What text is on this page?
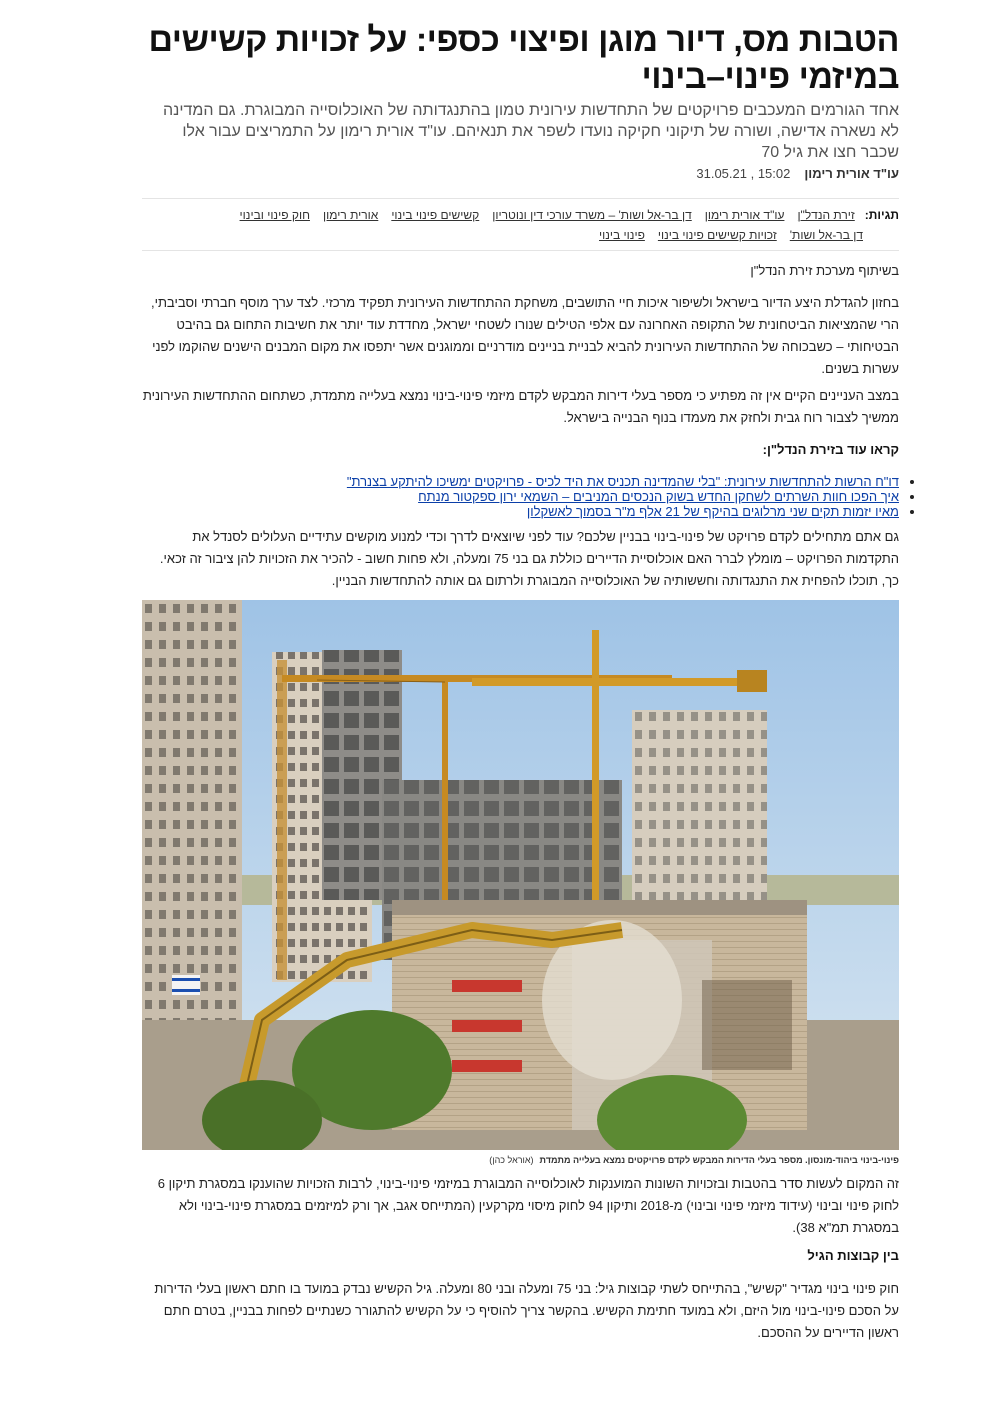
הטבות מס, דיור מוגן ופיצוי כספי: על זכויות קשישים במיזמי פינוי–בינוי

אחד הגורמים המעכבים פרויקטים של התחדשות עירונית טמון בהתנגדותה של האוכלוסייה המבוגרת. גם המדינה לא נשארה אדישה, ושורה של תיקוני חקיקה נועדו לשפר את תנאיהם. עו"ד אורית רימון על התמריצים עבור אלו שכבר חצו את גיל 70

עו"ד אורית רימון15:02 , 31.05.21
תגיות:זירת הנדל"ןעו"ד אורית רימוןדן בר-אל ושות' – משרד עורכי דין ונוטריוןקשישים פינוי בינויאורית רימוןחוק פינוי ובינוי
דן בר-אל ושות'זכויות קשישים פינוי בינויפינוי בינוי

בשיתוף מערכת זירת הנדל"ן

בחזון להגדלת היצע הדיור בישראל ולשיפור איכות חיי התושבים, משחקת ההתחדשות העירונית תפקיד מרכזי. לצד ערך מוסף חברתי וסביבתי, הרי שהמציאות הביטחונית של התקופה האחרונה עם אלפי הטילים שנורו לשטחי ישראל, מחדדת עוד יותר את חשיבות התחום גם בהיבט הבטיחותי – כשבכוחה של ההתחדשות העירונית להביא לבניית בניינים מודרניים וממוגנים אשר יתפסו את מקום המבנים הישנים שהוקמו לפני עשרות בשנים.

במצב העניינים הקיים אין זה מפתיע כי מספר בעלי דירות המבקש לקדם מיזמי פינוי-בינוי נמצא בעלייה מתמדת, כשתחום ההתחדשות העירונית ממשיך לצבור רוח גבית ולחזק את מעמדו בנוף הבנייה בישראל.

קראו עוד בזירת הנדל"ן:

• דו"ח הרשות להתחדשות עירונית: "בלי שהמדינה תכניס את היד לכיס - פרויקטים ימשיכו להיתקע בצנרת"
• איך הפכו חוות השרתים לשחקן החדש בשוק הנכסים המניבים – השמאי ירון ספקטור מנתח
• מאיו יזמות תקים שני מרלוגים בהיקף של 21 אלף מ"ר בסמוך לאשקלון

גם אתם מתחילים לקדם פרויקט של פינוי-בינוי בבניין שלכם? עוד לפני שיוצאים לדרך וכדי למנוע מוקשים עתידיים העלולים לסנדל את התקדמות הפרויקט – מומלץ לברר האם אוכלוסיית הדיירים כוללת גם בני 75 ומעלה, ולא פחות חשוב - להכיר את הזכויות להן ציבור זה זכאי. כך, תוכלו להפחית את התנגדותה וחששותיה של האוכלוסייה המבוגרת ולרתום גם אותה להתחדשות הבניין.

פינוי-בינוי ביהוד-מונסון. מספר בעלי הדירות המבקש לקדם פרויקטים נמצא בעלייה מתמדת(אוראל כהן)

זה המקום לעשות סדר בהטבות ובזכויות השונות המוענקות לאוכלוסייה המבוגרת במיזמי פינוי-בינוי, לרבות הזכויות שהוענקו במסגרת תיקון 6 לחוק פינוי ובינוי (עידוד מיזמי פינוי ובינוי) מ-2018 ותיקון 94 לחוק מיסוי מקרקעין (המתייחס אגב, אך ורק למיזמים במסגרת פינוי-בינוי ולא במסגרת תמ"א 38).

בין קבוצות הגיל

חוק פינוי בינוי מגדיר "קשיש", בהתייחס לשתי קבוצות גיל: בני 75 ומעלה ובני 80 ומעלה. גיל הקשיש נבדק במועד בו חתם ראשון בעלי הדירות על הסכם פינוי-בינוי מול היזם, ולא במועד חתימת הקשיש. בהקשר צריך להוסיף כי על הקשיש להתגורר כשנתיים לפחות בבניין, בטרם חתם ראשון הדיירים על ההסכם.
